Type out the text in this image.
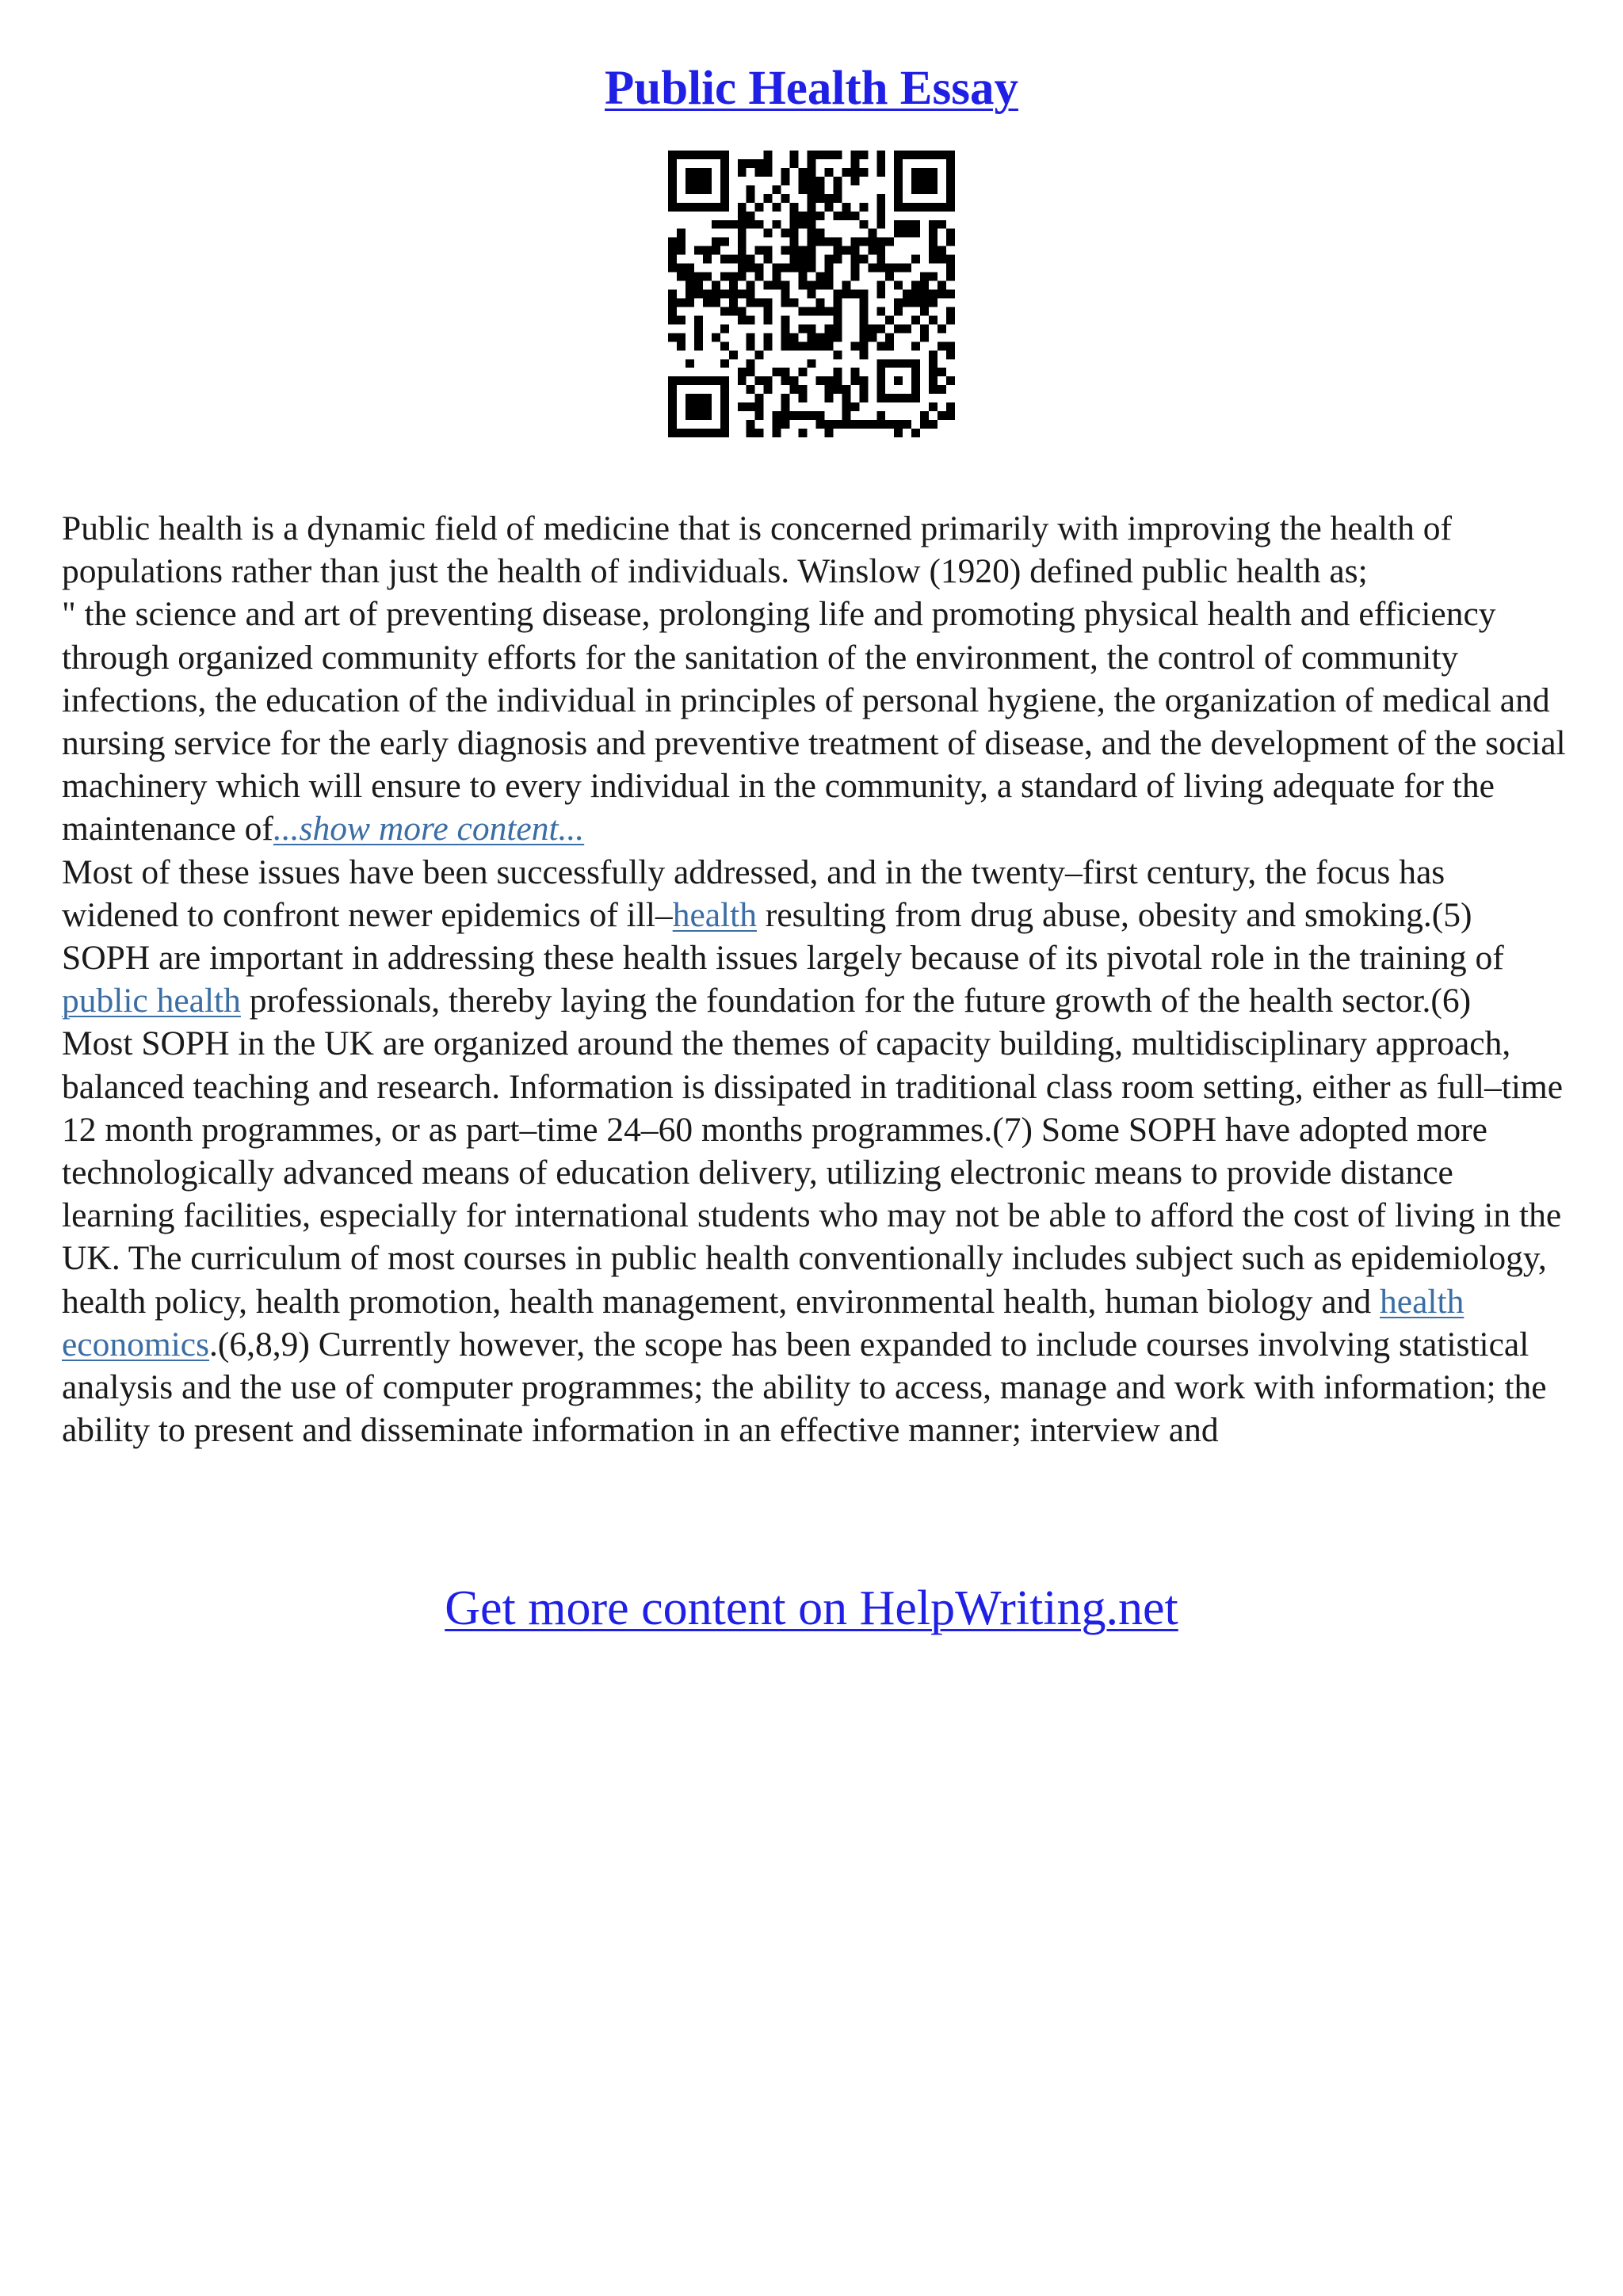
Public Health Essay

Public health is a dynamic field of medicine that is concerned primarily with improving the health of populations rather than just the health of individuals. Winslow (1920) defined public health as;
" the science and art of preventing disease, prolonging life and promoting physical health and efficiency through organized community efforts for the sanitation of the environment, the control of community infections, the education of the individual in principles of personal hygiene, the organization of medical and nursing service for the early diagnosis and preventive treatment of disease, and the development of the social machinery which will ensure to every individual in the community, a standard of living adequate for the maintenance of...show more content...

Most of these issues have been successfully addressed, and in the twenty–first century, the focus has widened to confront newer epidemics of ill–health resulting from drug abuse, obesity and smoking.(5) SOPH are important in addressing these health issues largely because of its pivotal role in the training of public health professionals, thereby laying the foundation for the future growth of the health sector.(6)

Most SOPH in the UK are organized around the themes of capacity building, multidisciplinary approach, balanced teaching and research. Information is dissipated in traditional class room setting, either as full–time 12 month programmes, or as part–time 24–60 months programmes.(7) Some SOPH have adopted more technologically advanced means of education delivery, utilizing electronic means to provide distance learning facilities, especially for international students who may not be able to afford the cost of living in the UK. The curriculum of most courses in public health conventionally includes subject such as epidemiology, health policy, health promotion, health management, environmental health, human biology and health economics.(6,8,9) Currently however, the scope has been expanded to include courses involving statistical analysis and the use of computer programmes; the ability to access, manage and work with information; the ability to present and disseminate information in an effective manner; interview and

Get more content on HelpWriting.net
